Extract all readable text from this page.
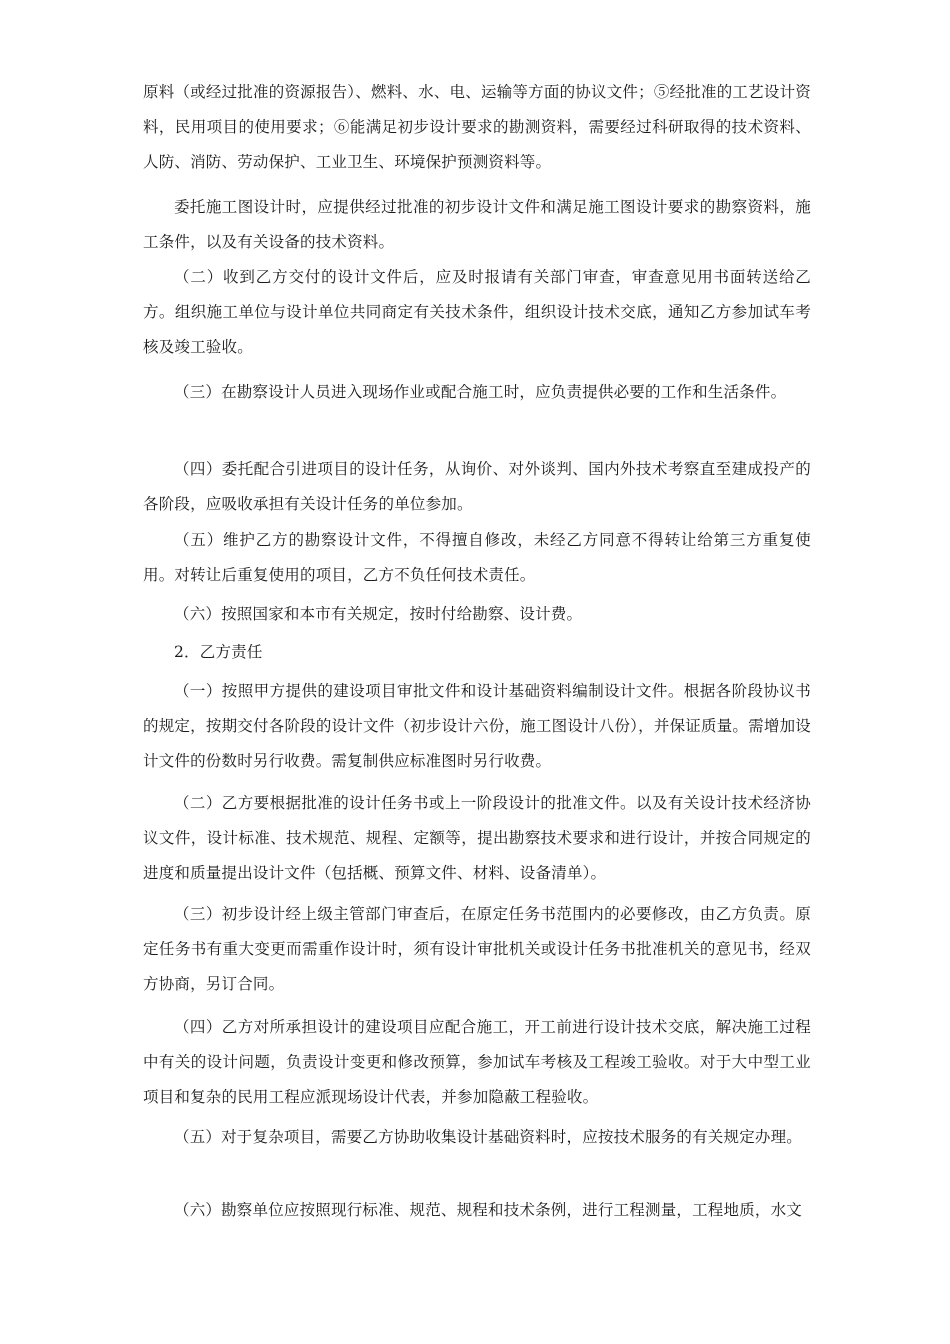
原料（或经过批准的资源报告）、燃料、水、电、运输等方面的协议文件；⑤经批准的工艺设计资料，民用项目的使用要求；⑥能满足初步设计要求的勘测资料，需要经过科研取得的技术资料、人防、消防、劳动保护、工业卫生、环境保护预测资料等。

委托施工图设计时，应提供经过批准的初步设计文件和满足施工图设计要求的勘察资料，施工条件，以及有关设备的技术资料。

（二）收到乙方交付的设计文件后，应及时报请有关部门审查，审查意见用书面转送给乙方。组织施工单位与设计单位共同商定有关技术条件，组织设计技术交底，通知乙方参加试车考核及竣工验收。

（三）在勘察设计人员进入现场作业或配合施工时，应负责提供必要的工作和生活条件。

（四）委托配合引进项目的设计任务，从询价、对外谈判、国内外技术考察直至建成投产的各阶段，应吸收承担有关设计任务的单位参加。

（五）维护乙方的勘察设计文件，不得擅自修改，未经乙方同意不得转让给第三方重复使用。对转让后重复使用的项目，乙方不负任何技术责任。

（六）按照国家和本市有关规定，按时付给勘察、设计费。

2．乙方责任

（一）按照甲方提供的建设项目审批文件和设计基础资料编制设计文件。根据各阶段协议书的规定，按期交付各阶段的设计文件（初步设计六份，施工图设计八份），并保证质量。需增加设计文件的份数时另行收费。需复制供应标准图时另行收费。

（二）乙方要根据批准的设计任务书或上一阶段设计的批准文件。以及有关设计技术经济协议文件，设计标准、技术规范、规程、定额等，提出勘察技术要求和进行设计，并按合同规定的进度和质量提出设计文件（包括概、预算文件、材料、设备清单）。

（三）初步设计经上级主管部门审查后，在原定任务书范围内的必要修改，由乙方负责。原定任务书有重大变更而需重作设计时，须有设计审批机关或设计任务书批准机关的意见书，经双方协商，另订合同。

（四）乙方对所承担设计的建设项目应配合施工，开工前进行设计技术交底，解决施工过程中有关的设计问题，负责设计变更和修改预算，参加试车考核及工程竣工验收。对于大中型工业项目和复杂的民用工程应派现场设计代表，并参加隐蔽工程验收。

（五）对于复杂项目，需要乙方协助收集设计基础资料时，应按技术服务的有关规定办理。

（六）勘察单位应按照现行标准、规范、规程和技术条例，进行工程测量，工程地质，水文
